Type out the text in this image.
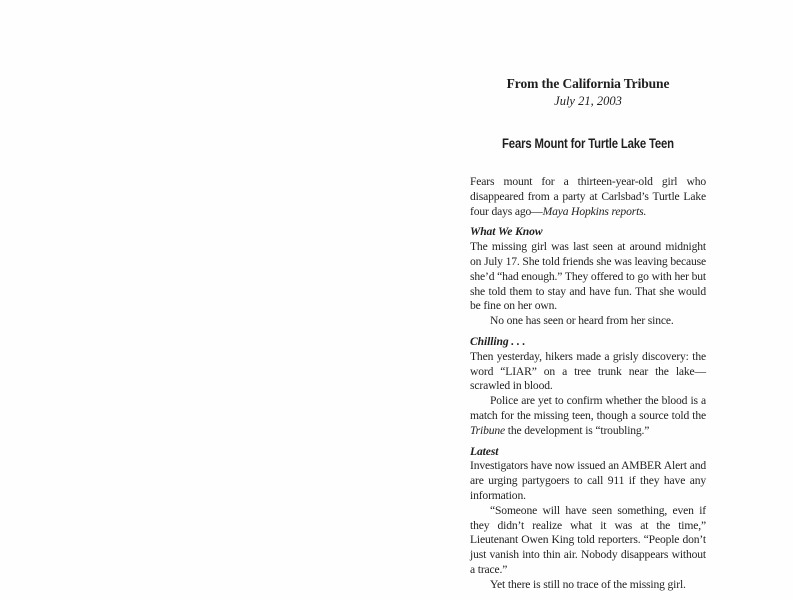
From the California Tribune

July 21, 2003

Fears Mount for Turtle Lake Teen

Fears mount for a thirteen-year-old girl who disappeared from a party at Carlsbad’s Turtle Lake four days ago—Maya Hopkins reports.

What We Know

The missing girl was last seen at around midnight on July 17. She told friends she was leaving because she’d “had enough.” They offered to go with her but she told them to stay and have fun. That she would be fine on her own.

No one has seen or heard from her since.

Chilling . . .

Then yesterday, hikers made a grisly discovery: the word “LIAR” on a tree trunk near the lake—scrawled in blood.

Police are yet to confirm whether the blood is a match for the missing teen, though a source told the Tribune the development is “troubling.”

Latest

Investigators have now issued an AMBER Alert and are urging partygoers to call 911 if they have any information.

“Someone will have seen something, even if they didn’t realize what it was at the time,” Lieutenant Owen King told reporters. “People don’t just vanish into thin air. Nobody disappears without a trace.”

Yet there is still no trace of the missing girl.
